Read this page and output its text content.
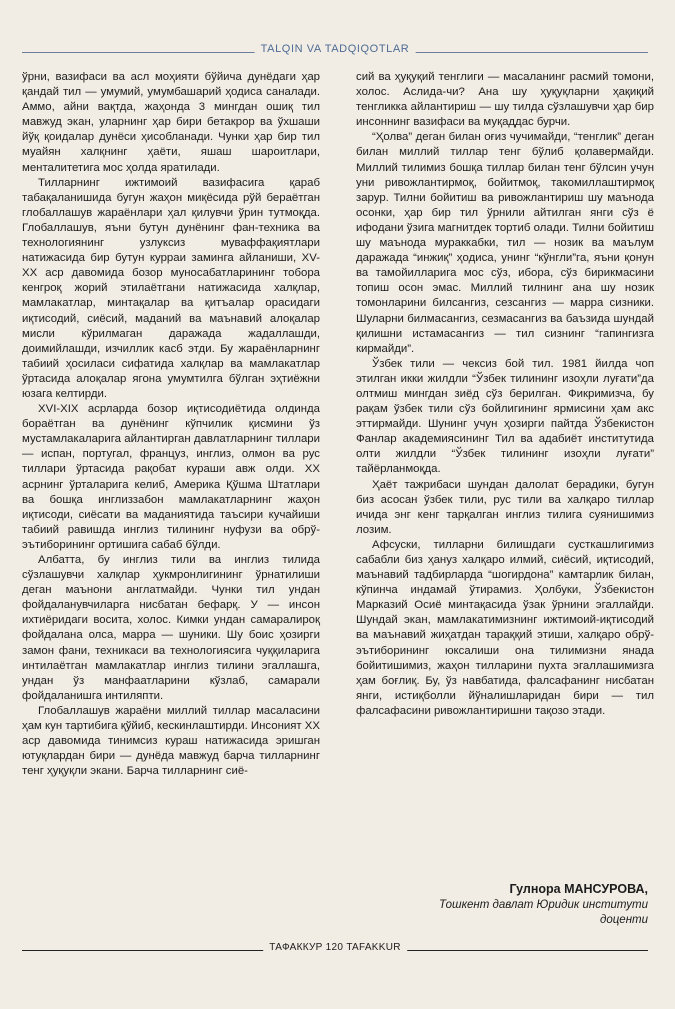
TALQIN VA TADQIQOTLAR

ўрни, вазифаси ва асл моҳияти бўйича дунёдаги ҳар қандай тил — умумий, умумбашарий ҳодиса саналади. Аммо, айни вақтда, жаҳонда 3 мингдан ошиқ тил мавжуд экан, уларнинг ҳар бири бетакрор ва ўхшаши йўқ қоидалар дунёси ҳисобланади. Чунки ҳар бир тил муайян халқнинг ҳаёти, яшаш шароитлари, менталитетига мос ҳолда яратилади.

Тилларнинг ижтимоий вазифасига қараб табақаланишида бугун жаҳон миқёсида рўй бераётган глобаллашув жараёнлари ҳал қилувчи ўрин тутмоқда. Глобаллашув, яъни бутун дунёнинг фан-техника ва технологиянинг узлуксиз муваффақиятлари натижасида бир бутун курраи заминга айланиши, XV-XX аср давомида бозор муносабатларининг тобора кенгроқ жорий этилаётгани натижасида халқлар, мамлакатлар, минтақалар ва қитъалар орасидаги иқтисодий, сиёсий, маданий ва маънавий алоқалар мисли кўрилмаган даражада жадаллашди, доимийлашди, изчиллик касб этди. Бу жараёнларнинг табиий ҳосиласи сифатида халқлар ва мамлакатлар ўртасида алоқалар ягона умумтилга бўлган эҳтиёжни юзага келтирди.

XVI-XIX асрларда бозор иқтисодиётида олдинда бораётган ва дунёнинг кўпчилик қисмини ўз мустамлакаларига айлантирган давлатларнинг тиллари — испан, португал, француз, инглиз, олмон ва рус тиллари ўртасида рақобат кураши авж олди. XX асрнинг ўрталарига келиб, Америка Қўшма Штатлари ва бошқа инглиззабон мамлакатларнинг жаҳон иқтисоди, сиёсати ва маданиятида таъсири кучайиши табиий равишда инглиз тилининг нуфузи ва обрў-эътиборининг ортишига сабаб бўлди.

Албатта, бу инглиз тили ва инглиз тилида сўзлашувчи халқлар ҳукмронлигининг ўрнатилиши деган маънони англатмайди. Чунки тил ундан фойдаланувчиларга нисбатан бефарқ. У — инсон ихтиёридаги восита, холос. Кимки ундан самаралироқ фойдалана олса, марра — шуники. Шу боис ҳозирги замон фани, техникаси ва технологиясига чуққиларига интилаётган мамлакатлар инглиз тилини эгаллашга, ундан ўз манфаатларини кўзлаб, самарали фойдаланишга интиляпти.

Глобаллашув жараёни миллий тиллар масаласини ҳам кун тартибига қўйиб, кескинлаштирди. Инсоният XX аср давомида тинимсиз кураш натижасида эришган ютуқлардан бири — дунёда мавжуд барча тилларнинг тенг ҳуқуқли экани. Барча тилларнинг сиё-

сий ва ҳуқуқий тенглиги — масаланинг расмий томони, холос. Аслида-чи? Ана шу ҳуқуқларни ҳақиқий тенгликка айлантириш — шу тилда сўзлашувчи ҳар бир инсоннинг вазифаси ва муқаддас бурчи.

“Ҳолва” деган билан оғиз чучимайди, “тенглик” деган билан миллий тиллар тенг бўлиб қолавермайди. Миллий тилимиз бошқа тиллар билан тенг бўлсин учун уни ривожлантирмоқ, бойитмоқ, такомиллаштирмоқ зарур. Тилни бойитиш ва ривожлантириш шу маънода осонки, ҳар бир тил ўрнили айтилган янги сўз ё ифодани ўзига магнитдек тортиб олади. Тилни бойитиш шу маънода мураккабки, тил — нозик ва маълум даражада “инжиқ” ҳодиса, унинг “кўнгли”га, яъни қонун ва тамойилларига мос сўз, ибора, сўз бирикмасини топиш осон эмас. Миллий тилнинг ана шу нозик томонларини билсангиз, сезсангиз — марра сизники. Шуларни билмасангиз, сезмасангиз ва баъзида шундай қилишни истамасангиз — тил сизнинг “гапингизга кирмайди”.

Ўзбек тили — чексиз бой тил. 1981 йилда чоп этилган икки жилдли “Ўзбек тилининг изоҳли луғати”да олтмиш мингдан зиёд сўз берилган. Фикримизча, бу рақам ўзбек тили сўз бойлигининг ярмисини ҳам акс эттирмайди. Шунинг учун ҳозирги пайтда Ўзбекистон Фанлар академиясининг Тил ва адабиёт институтида олти жилдли “Ўзбек тилининг изоҳли луғати” тайёрланмоқда.

Ҳаёт тажрибаси шундан далолат берадики, бугун биз асосан ўзбек тили, рус тили ва халқаро тиллар ичида энг кенг тарқалган инглиз тилига суянишимиз лозим.

Афсуски, тилларни билишдаги сусткашлигимиз сабабли биз ҳануз халқаро илмий, сиёсий, иқтисодий, маънавий тадбирларда “шогирдона” камтарлик билан, кўпинча индамай ўтирамиз. Ҳолбуки, Ўзбекистон Марказий Осиё минтақасида ўзак ўрнини эгаллайди. Шундай экан, мамлакатимизнинг ижтимоий-иқтисодий ва маънавий жиҳатдан тараққий этиши, халқаро обрў-эътиборининг юксалиши она тилимизни янада бойитишимиз, жаҳон тилларини пухта эгаллашимизга ҳам боғлиқ. Бу, ўз навбатида, фалсафанинг нисбатан янги, истиқболли йўналишларидан бири — тил фалсафасини ривожлантиришни тақозо этади.

Гулнора МАНСУРОВА,
Тошкент давлат Юридик институти
доценти
ТАФАККУР 120 TAFAKKUR
